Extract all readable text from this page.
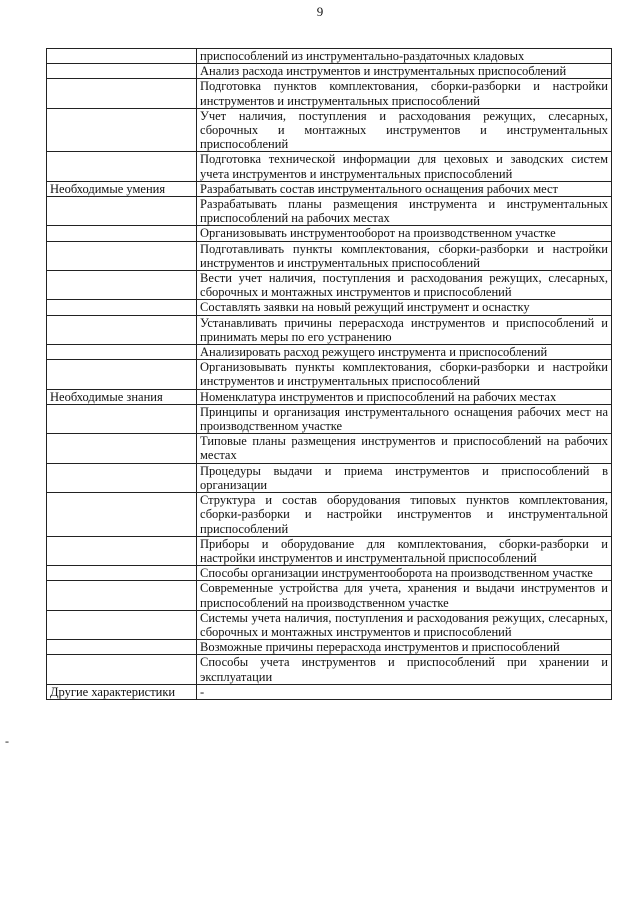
9
-
	приспособлений из инструментально-раздаточных кладовых
	Анализ расхода инструментов и инструментальных приспособлений
	Подготовка пунктов комплектования, сборки-разборки и настройки инструментов и инструментальных приспособлений
	Учет наличия, поступления и расходования режущих, слесарных, сборочных и монтажных инструментов и инструментальных приспособлений
	Подготовка технической информации для цеховых и заводских систем учета инструментов и инструментальных приспособлений
Необходимые умения	Разрабатывать состав инструментального оснащения рабочих мест
	Разрабатывать планы размещения инструмента и инструментальных приспособлений на рабочих местах
	Организовывать инструментооборот на производственном участке
	Подготавливать пункты комплектования, сборки-разборки и настройки инструментов и инструментальных приспособлений
	Вести учет наличия, поступления и расходования режущих, слесарных, сборочных и монтажных инструментов и приспособлений
	Составлять заявки на новый режущий инструмент и оснастку
	Устанавливать причины перерасхода инструментов и приспособлений и принимать меры по его устранению
	Анализировать расход режущего инструмента и приспособлений
	Организовывать пункты комплектования, сборки-разборки и настройки инструментов и инструментальных приспособлений
Необходимые знания	Номенклатура инструментов и приспособлений на рабочих местах
	Принципы и организация инструментального оснащения рабочих мест на производственном участке
	Типовые планы размещения инструментов и приспособлений на рабочих местах
	Процедуры выдачи и приема инструментов и приспособлений в организации
	Структура и состав оборудования типовых пунктов комплектования, сборки-разборки и настройки инструментов и инструментальной приспособлений
	Приборы и оборудование для комплектования, сборки-разборки и настройки инструментов и инструментальной приспособлений
	Способы организации инструментооборота на производственном участке
	Современные устройства для учета, хранения и выдачи инструментов и приспособлений на производственном участке
	Системы учета наличия, поступления и расходования режущих, слесарных, сборочных и монтажных инструментов и приспособлений
	Возможные причины перерасхода инструментов и приспособлений
	Способы учета инструментов и приспособлений при хранении и эксплуатации
Другие характеристики	-
